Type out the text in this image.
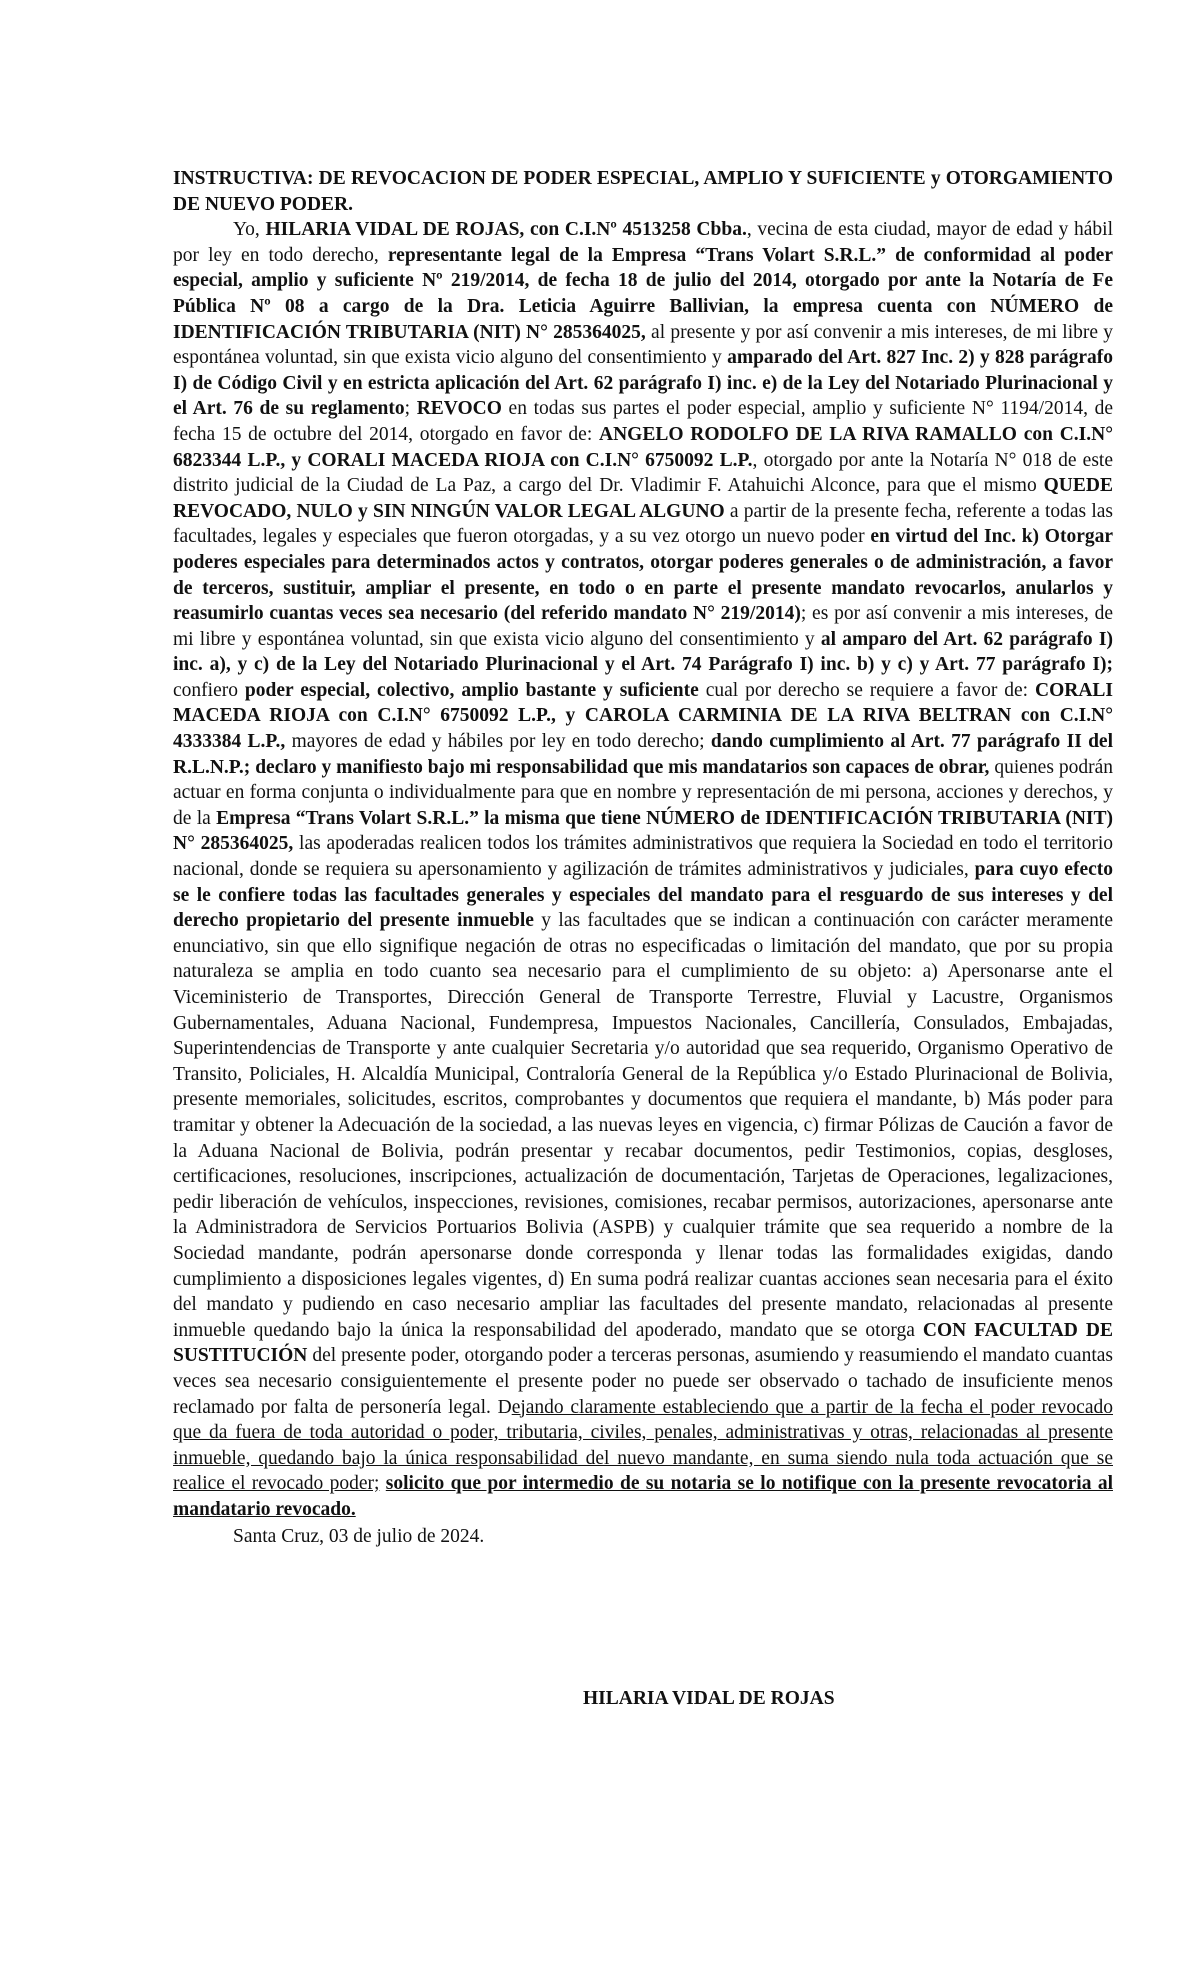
INSTRUCTIVA: DE REVOCACION DE PODER ESPECIAL, AMPLIO Y SUFICIENTE y OTORGAMIENTO DE NUEVO PODER.

Yo, HILARIA VIDAL DE ROJAS, con C.I.Nº 4513258 Cbba., vecina de esta ciudad, mayor de edad y hábil por ley en todo derecho, representante legal de la Empresa “Trans Volart S.R.L.” de conformidad al poder especial, amplio y suficiente Nº 219/2014, de fecha 18 de julio del 2014, otorgado por ante la Notaría de Fe Pública Nº 08 a cargo de la Dra. Leticia Aguirre Ballivian, la empresa cuenta con NÚMERO de IDENTIFICACIÓN TRIBUTARIA (NIT) N° 285364025, al presente y por así convenir a mis intereses, de mi libre y espontánea voluntad, sin que exista vicio alguno del consentimiento y amparado del Art. 827 Inc. 2) y 828 parágrafo I) de Código Civil y en estricta aplicación del Art. 62 parágrafo I) inc. e) de la Ley del Notariado Plurinacional y el Art. 76 de su reglamento; REVOCO en todas sus partes el poder especial, amplio y suficiente N° 1194/2014, de fecha 15 de octubre del 2014, otorgado en favor de: ANGELO RODOLFO DE LA RIVA RAMALLO con C.I.N° 6823344 L.P., y CORALI MACEDA RIOJA con C.I.N° 6750092 L.P., otorgado por ante la Notaría N° 018 de este distrito judicial de la Ciudad de La Paz, a cargo del Dr. Vladimir F. Atahuichi Alconce, para que el mismo QUEDE REVOCADO, NULO y SIN NINGÚN VALOR LEGAL ALGUNO a partir de la presente fecha, referente a todas las facultades, legales y especiales que fueron otorgadas, y a su vez otorgo un nuevo poder en virtud del Inc. k) Otorgar poderes especiales para determinados actos y contratos, otorgar poderes generales o de administración, a favor de terceros, sustituir, ampliar el presente, en todo o en parte el presente mandato revocarlos, anularlos y reasumirlo cuantas veces sea necesario (del referido mandato N° 219/2014); es por así convenir a mis intereses, de mi libre y espontánea voluntad, sin que exista vicio alguno del consentimiento y al amparo del Art. 62 parágrafo I) inc. a), y c) de la Ley del Notariado Plurinacional y el Art. 74 Parágrafo I) inc. b) y c) y Art. 77 parágrafo I); confiero poder especial, colectivo, amplio bastante y suficiente cual por derecho se requiere a favor de: CORALI MACEDA RIOJA con C.I.N° 6750092 L.P., y CAROLA CARMINIA DE LA RIVA BELTRAN con C.I.N° 4333384 L.P., mayores de edad y hábiles por ley en todo derecho; dando cumplimiento al Art. 77 parágrafo II del R.L.N.P.; declaro y manifiesto bajo mi responsabilidad que mis mandatarios son capaces de obrar, quienes podrán actuar en forma conjunta o individualmente para que en nombre y representación de mi persona, acciones y derechos, y de la Empresa “Trans Volart S.R.L.” la misma que tiene NÚMERO de IDENTIFICACIÓN TRIBUTARIA (NIT) N° 285364025, las apoderadas realicen todos los trámites administrativos que requiera la Sociedad en todo el territorio nacional, donde se requiera su apersonamiento y agilización de trámites administrativos y judiciales, para cuyo efecto se le confiere todas las facultades generales y especiales del mandato para el resguardo de sus intereses y del derecho propietario del presente inmueble y las facultades que se indican a continuación con carácter meramente enunciativo, sin que ello signifique negación de otras no especificadas o limitación del mandato, que por su propia naturaleza se amplia en todo cuanto sea necesario para el cumplimiento de su objeto: a) Apersonarse ante el Viceministerio de Transportes, Dirección General de Transporte Terrestre, Fluvial y Lacustre, Organismos Gubernamentales, Aduana Nacional, Fundempresa, Impuestos Nacionales, Cancillería, Consulados, Embajadas, Superintendencias de Transporte y ante cualquier Secretaria y/o autoridad que sea requerido, Organismo Operativo de Transito, Policiales, H. Alcaldía Municipal, Contraloría General de la República y/o Estado Plurinacional de Bolivia, presente memoriales, solicitudes, escritos, comprobantes y documentos que requiera el mandante, b) Más poder para tramitar y obtener la Adecuación de la sociedad, a las nuevas leyes en vigencia, c) firmar Pólizas de Caución a favor de la Aduana Nacional de Bolivia, podrán presentar y recabar documentos, pedir Testimonios, copias, desgloses, certificaciones, resoluciones, inscripciones, actualización de documentación, Tarjetas de Operaciones, legalizaciones, pedir liberación de vehículos, inspecciones, revisiones, comisiones, recabar permisos, autorizaciones, apersonarse ante la Administradora de Servicios Portuarios Bolivia (ASPB) y cualquier trámite que sea requerido a nombre de la Sociedad mandante, podrán apersonarse donde corresponda y llenar todas las formalidades exigidas, dando cumplimiento a disposiciones legales vigentes, d) En suma podrá realizar cuantas acciones sean necesaria para el éxito del mandato y pudiendo en caso necesario ampliar las facultades del presente mandato, relacionadas al presente inmueble quedando bajo la única la responsabilidad del apoderado, mandato que se otorga CON FACULTAD DE SUSTITUCIÓN del presente poder, otorgando poder a terceras personas, asumiendo y reasumiendo el mandato cuantas veces sea necesario consiguientemente el presente poder no puede ser observado o tachado de insuficiente menos reclamado por falta de personería legal. Dejando claramente estableciendo que a partir de la fecha el poder revocado que da fuera de toda autoridad o poder, tributaria, civiles, penales, administrativas y otras, relacionadas al presente inmueble, quedando bajo la única responsabilidad del nuevo mandante, en suma siendo nula toda actuación que se realice el revocado poder; solicito que por intermedio de su notaria se lo notifique con la presente revocatoria al mandatario revocado.

Santa Cruz, 03 de julio de 2024.

HILARIA VIDAL DE ROJAS
